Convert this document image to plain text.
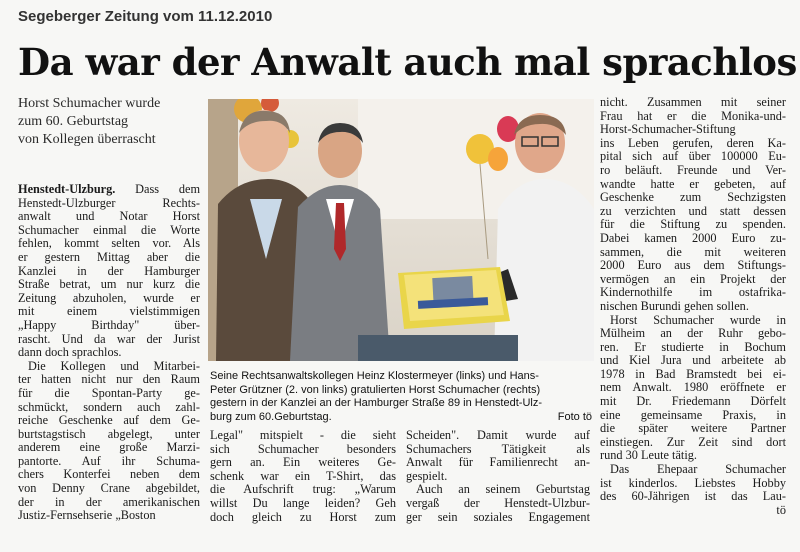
Segeberger Zeitung vom 11.12.2010
Da war der Anwalt auch mal sprachlos
Horst Schumacher wurde
zum 60. Geburtstag
von Kollegen überrascht

Henstedt-Ulzburg. Dass dem
Henstedt-Ulzburger Rechts-
anwalt und Notar Horst
Schumacher einmal die Worte
fehlen, kommt selten vor. Als
er gestern Mittag aber die
Kanzlei in der Hamburger
Straße betrat, um nur kurz die
Zeitung abzuholen, wurde er
mit einem vielstimmigen
„Happy Birthday" über-
rascht. Und da war der Jurist
dann doch sprachlos.

Die Kollegen und Mitarbei-
ter hatten nicht nur den Raum
für die Spontan-Party ge-
schmückt, sondern auch zahl-
reiche Geschenke auf dem Ge-
burtstagstisch abgelegt, unter
anderem eine große Marzi-
pantorte. Auf ihr Schuma-
chers Konterfei neben dem
von Denny Crane abgebildet,
der in der amerikanischen
Justiz-Fernsehserie „Boston

Seine Rechtsanwaltskollegen Heinz Klostermeyer (links) und Hans-
Peter Grützner (2. von links) gratulierten Horst Schumacher (rechts)
gestern in der Kanzlei an der Hamburger Straße 89 in Henstedt-Ulz-
burg zum 60.Geburtstag.	Foto tö
Legal" mitspielt - die sieht
sich Schumacher besonders
gern an. Ein weiteres Ge-
schenk war ein T-Shirt, das
die Aufschrift trug: „Warum
willst Du lange leiden? Geh
doch gleich zu Horst zum
Scheiden". Damit wurde auf
Schumachers Tätigkeit als
Anwalt für Familienrecht an-
gespielt.
Auch an seinem Geburtstag
vergaß der Henstedt-Ulzbur-
ger sein soziales Engagement
nicht. Zusammen mit seiner
Frau hat er die Monika-und-
Horst-Schumacher-Stiftung
ins Leben gerufen, deren Ka-
pital sich auf über 100000 Eu-
ro beläuft. Freunde und Ver-
wandte hatte er gebeten, auf
Geschenke zum Sechzigsten
zu verzichten und statt dessen
für die Stiftung zu spenden.
Dabei kamen 2000 Euro zu-
sammen, die mit weiteren
2000 Euro aus dem Stiftungs-
vermögen an ein Projekt der
Kindernothilfe im ostafrika-
nischen Burundi gehen sollen.
Horst Schumacher wurde in
Mülheim an der Ruhr gebo-
ren. Er studierte in Bochum
und Kiel Jura und arbeitete ab
1978 in Bad Bramstedt bei ei-
nem Anwalt. 1980 eröffnete er
mit Dr. Friedemann Dörfelt
eine gemeinsame Praxis, in
die später weitere Partner
einstiegen. Zur Zeit sind dort
rund 30 Leute tätig.
Das Ehepaar Schumacher
ist kinderlos. Liebstes Hobby
des 60-Jährigen ist das Lau-
tö
